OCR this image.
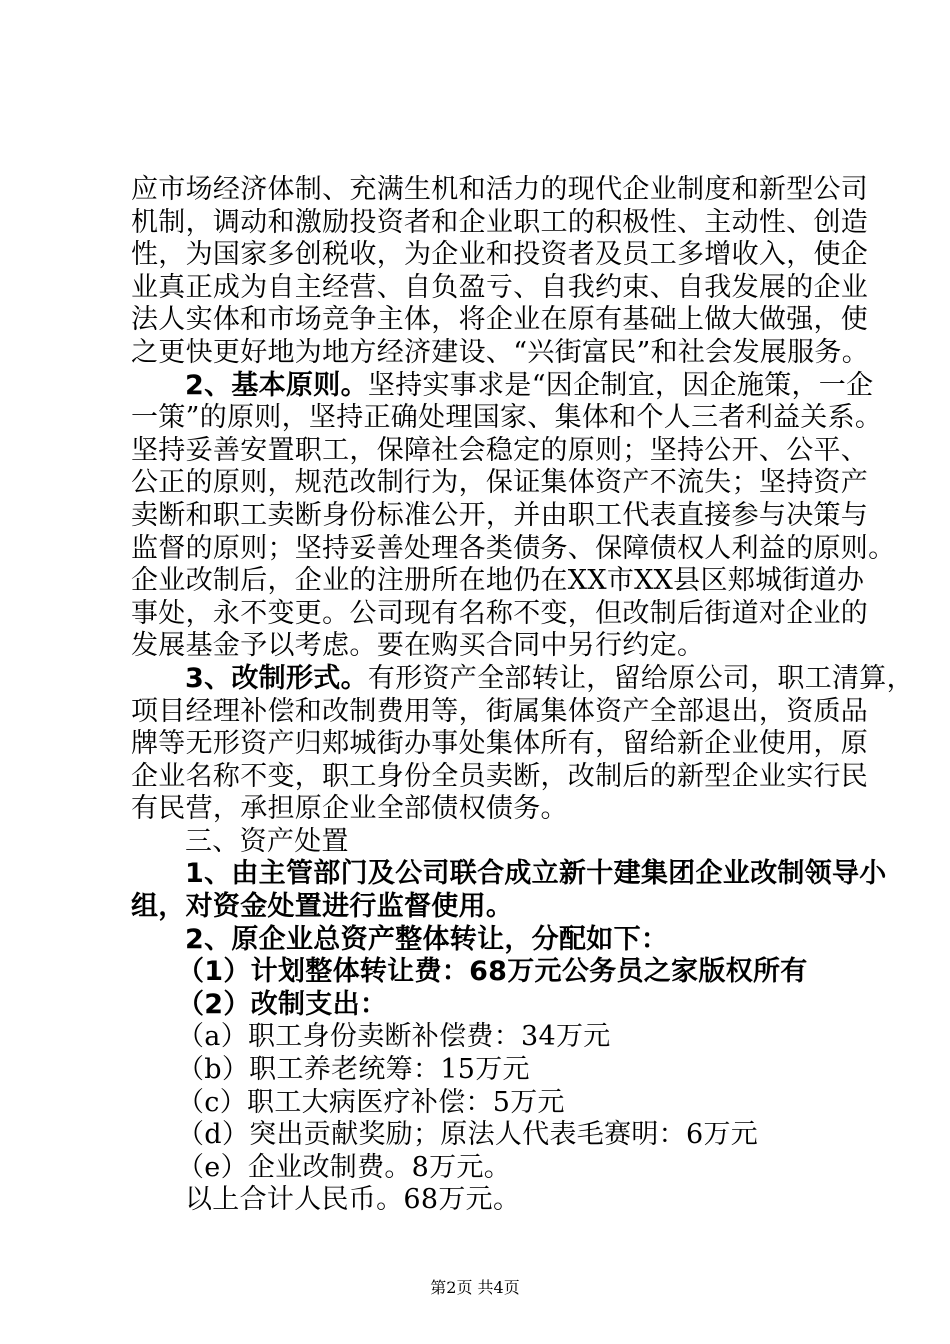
应市场经济体制、充满生机和活力的现代企业制度和新型公司
机制，调动和激励投资者和企业职工的积极性、主动性、创造
性，为国家多创税收，为企业和投资者及员工多增收入，使企
业真正成为自主经营、自负盈亏、自我约束、自我发展的企业
法人实体和市场竞争主体，将企业在原有基础上做大做强，使
之更快更好地为地方经济建设、“兴街富民”和社会发展服务。
2、基本原则。坚持实事求是“因企制宜，因企施策，一企
一策”的原则，坚持正确处理国家、集体和个人三者利益关系。
坚持妥善安置职工，保障社会稳定的原则；坚持公开、公平、
公正的原则，规范改制行为，保证集体资产不流失；坚持资产
卖断和职工卖断身份标准公开，并由职工代表直接参与决策与
监督的原则；坚持妥善处理各类债务、保障债权人利益的原则。
企业改制后，企业的注册所在地仍在XX市XX县区郏城街道办
事处，永不变更。公司现有名称不变，但改制后街道对企业的
发展基金予以考虑。要在购买合同中另行约定。
3、改制形式。有形资产全部转让，留给原公司，职工清算，
项目经理补偿和改制费用等，街属集体资产全部退出，资质品
牌等无形资产归郏城街办事处集体所有，留给新企业使用，原
企业名称不变，职工身份全员卖断，改制后的新型企业实行民
有民营，承担原企业全部债权债务。
三、资产处置
1、由主管部门及公司联合成立新十建集团企业改制领导小
组，对资金处置进行监督使用。
2、原企业总资产整体转让，分配如下：
（1）计划整体转让费：68万元公务员之家版权所有
（2）改制支出：
（a）职工身份卖断补偿费：34万元
（b）职工养老统筹：15万元
（c）职工大病医疗补偿：5万元
（d）突出贡献奖励；原法人代表毛赛明：6万元
（e）企业改制费。8万元。
以上合计人民币。68万元。
第2页 共4页
